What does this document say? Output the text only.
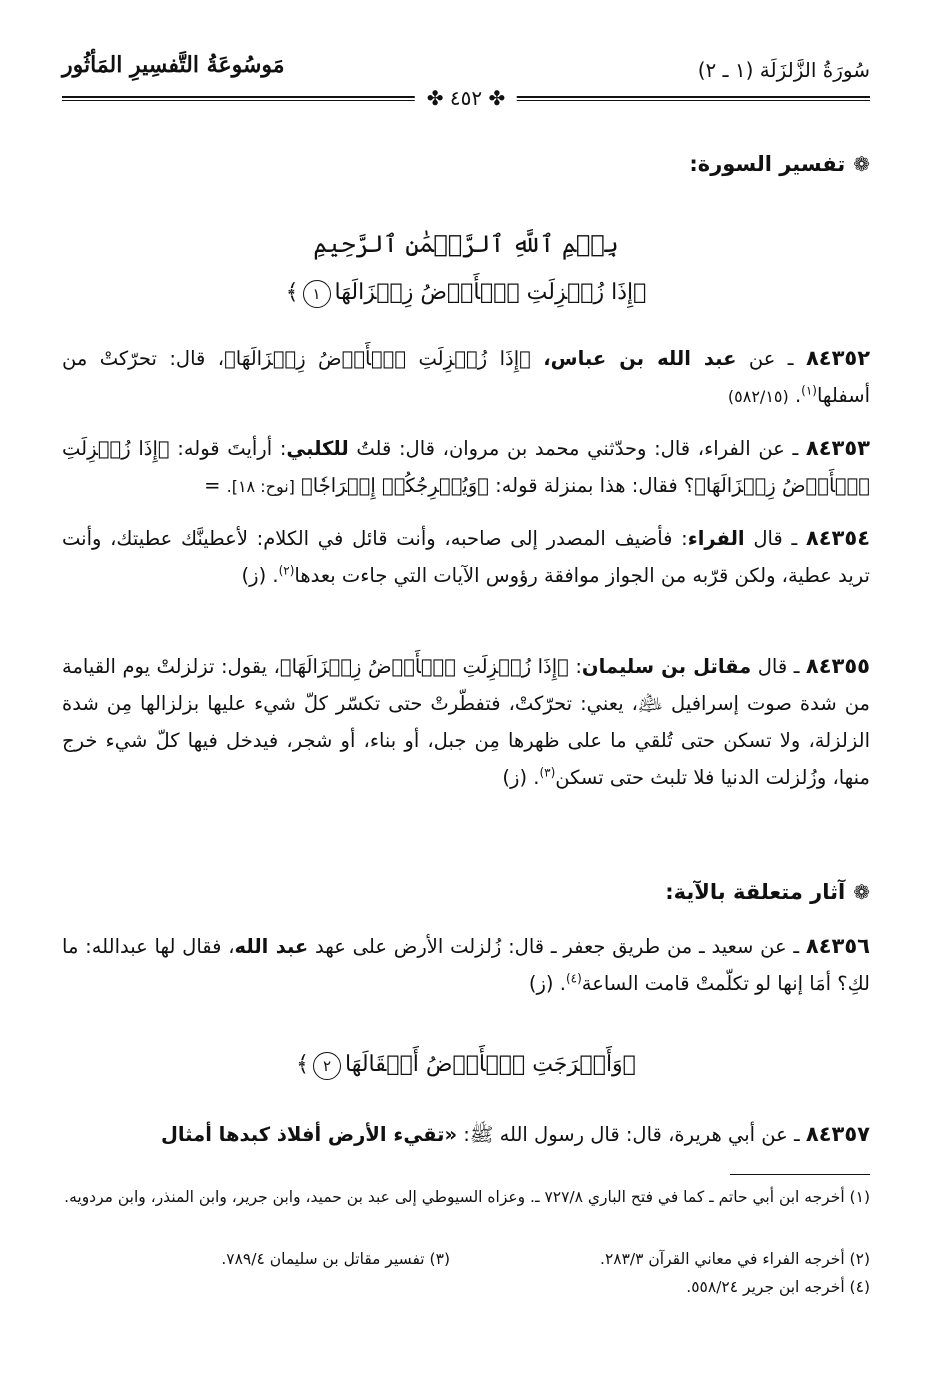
سُورَةُ الزَّلزَلَة (١ ـ ٢)
مَوسُوعَةُ التَّفسِيرِ المَأثُور
✤ ٤٥٢ ✤
❁تفسير السورة:
بِسۡمِ ٱللَّهِ ٱلرَّحۡمَٰنِ ٱلرَّحِيمِ
﴿إِذَا زُلۡزِلَتِ ٱلۡأَرۡضُ زِلۡزَالَهَا١﴾
٨٤٣٥٢ ـ عن عبد الله بن عباس، ﴿إِذَا زُلۡزِلَتِ ٱلۡأَرۡضُ زِلۡزَالَهَا﴾، قال: تحرّكتْ من أسفلها$^{(١)}$. (٥٨٢/١٥)
٨٤٣٥٣ ـ عن الفراء، قال: وحدّثني محمد بن مروان، قال: قلتُ للكلبي: أرأيتَ قوله: ﴿إِذَا زُلۡزِلَتِ ٱلۡأَرۡضُ زِلۡزَالَهَا﴾؟ فقال: هذا بمنزلة قوله: ﴿وَيُخۡرِجُكُمۡ إِخۡرَاجٗا﴾ [نوح: ١٨]. =
٨٤٣٥٤ ـ قال الفراء: فأضيف المصدر إلى صاحبه، وأنت قائل في الكلام: لأعطينَّك عطيتك، وأنت تريد عطية، ولكن قرّبه من الجواز موافقة رؤوس الآيات التي جاءت بعدها$^{(٢)}$. (ز)
٨٤٣٥٥ ـ قال مقاتل بن سليمان: ﴿إِذَا زُلۡزِلَتِ ٱلۡأَرۡضُ زِلۡزَالَهَا﴾، يقول: تزلزلتْ يوم القيامة من شدة صوت إسرافيل ﵇، يعني: تحرّكتْ، فتفطّرتْ حتى تكسّر كلّ شيء عليها بزلزالها مِن شدة الزلزلة، ولا تسكن حتى تُلقي ما على ظهرها مِن جبل، أو بناء، أو شجر، فيدخل فيها كلّ شيء خرج منها، وزُلزلت الدنيا فلا تلبث حتى تسكن$^{(٣)}$. (ز)
❁آثار متعلقة بالآية:
٨٤٣٥٦ ـ عن سعيد ـ من طريق جعفر ـ قال: زُلزلت الأرض على عهد عبد الله، فقال لها عبدالله: ما لكِ؟ أمَا إنها لو تكلّمتْ قامت الساعة$^{(٤)}$. (ز)
﴿وَأَخۡرَجَتِ ٱلۡأَرۡضُ أَثۡقَالَهَا٢﴾
٨٤٣٥٧ ـ عن أبي هريرة، قال: قال رسول الله ﷺ: «تقيء الأرض أفلاذ كبدها أمثال
(١) أخرجه ابن أبي حاتم ـ كما في فتح الباري ٧٢٧/٨ ـ. وعزاه السيوطي إلى عبد بن حميد، وابن جرير، وابن المنذر، وابن مردويه.
(٢) أخرجه الفراء في معاني القرآن ٢٨٣/٣.
(٣) تفسير مقاتل بن سليمان ٧٨٩/٤.
(٤) أخرجه ابن جرير ٥٥٨/٢٤.
